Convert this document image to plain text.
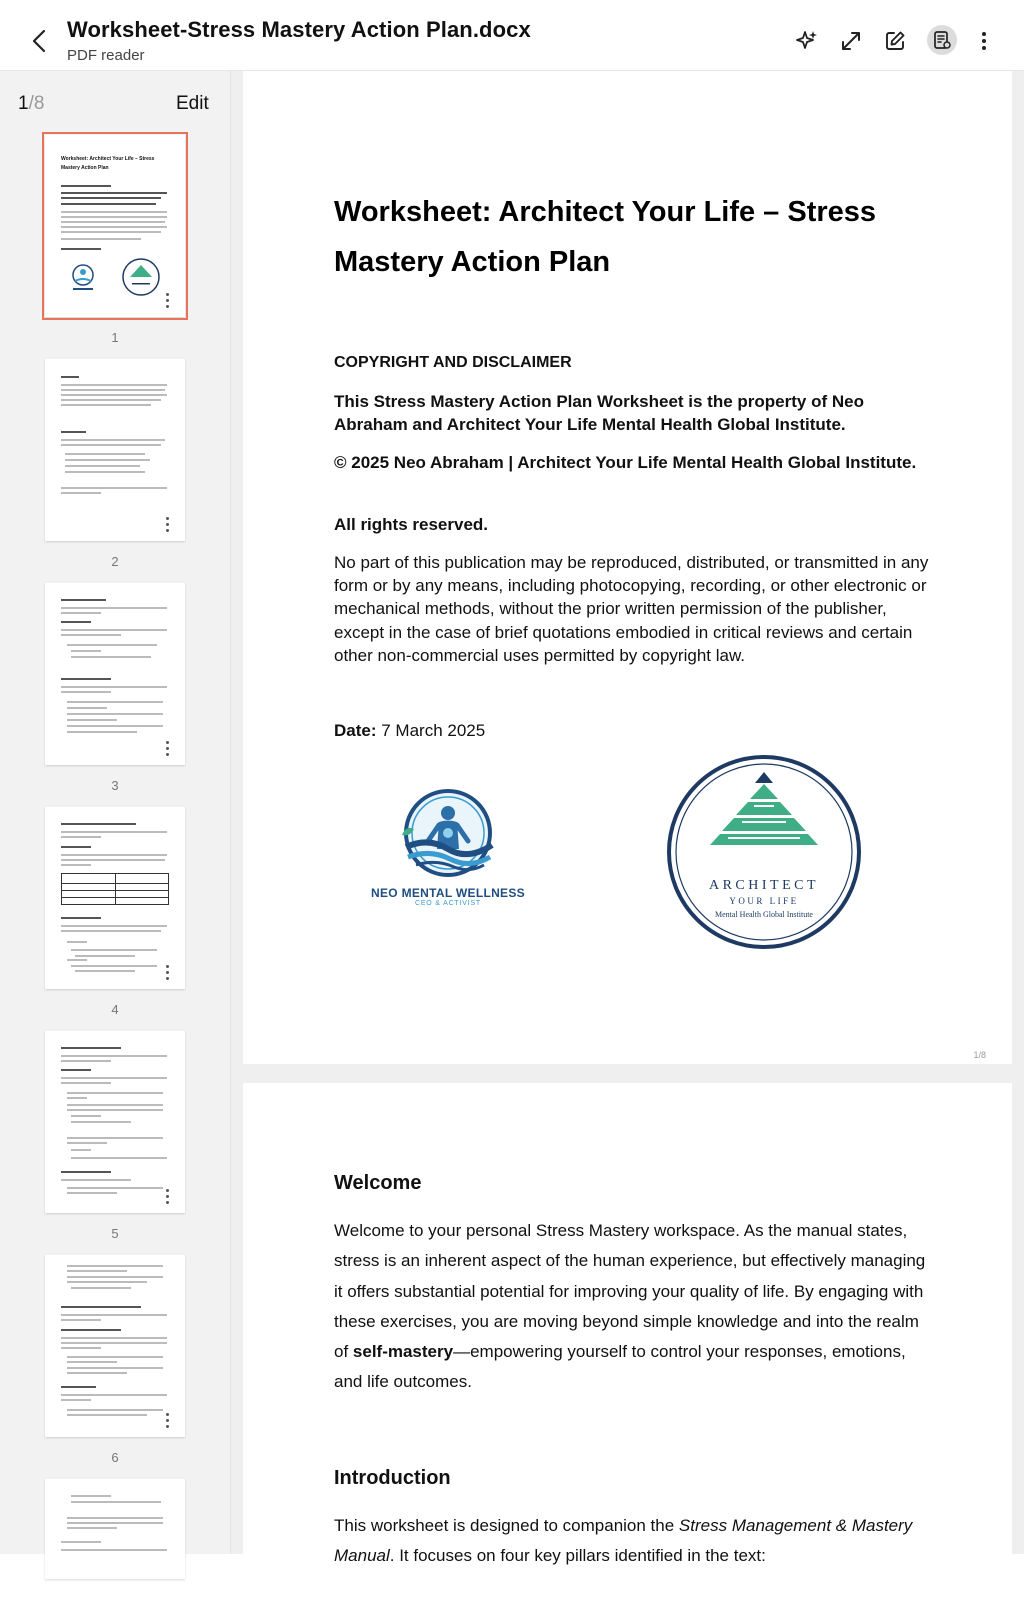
Worksheet-Stress Mastery Action Plan.docx
PDF reader
1/8	Edit
Worksheet: Architect Your Life – Stress Mastery Action Plan
1
2
3
4
5
6
Worksheet: Architect Your Life – Stress Mastery Action Plan
COPYRIGHT AND DISCLAIMER
This Stress Mastery Action Plan Worksheet is the property of Neo Abraham and Architect Your Life Mental Health Global Institute.
© 2025 Neo Abraham | Architect Your Life Mental Health Global Institute.
All rights reserved.
No part of this publication may be reproduced, distributed, or transmitted in any form or by any means, including photocopying, recording, or other electronic or mechanical methods, without the prior written permission of the publisher, except in the case of brief quotations embodied in critical reviews and certain other non-commercial uses permitted by copyright law.
Date: 7 March 2025
NEO MENTAL WELLNESS
CEO & ACTIVIST
ARCHITECT
YOUR LIFE
Mental Health Global Institute
1/8
Welcome
Welcome to your personal Stress Mastery workspace. As the manual states, stress is an inherent aspect of the human experience, but effectively managing it offers substantial potential for improving your quality of life. By engaging with these exercises, you are moving beyond simple knowledge and into the realm of self-mastery—empowering yourself to control your responses, emotions, and life outcomes.
Introduction
This worksheet is designed to companion the Stress Management & Mastery Manual. It focuses on four key pillars identified in the text:
